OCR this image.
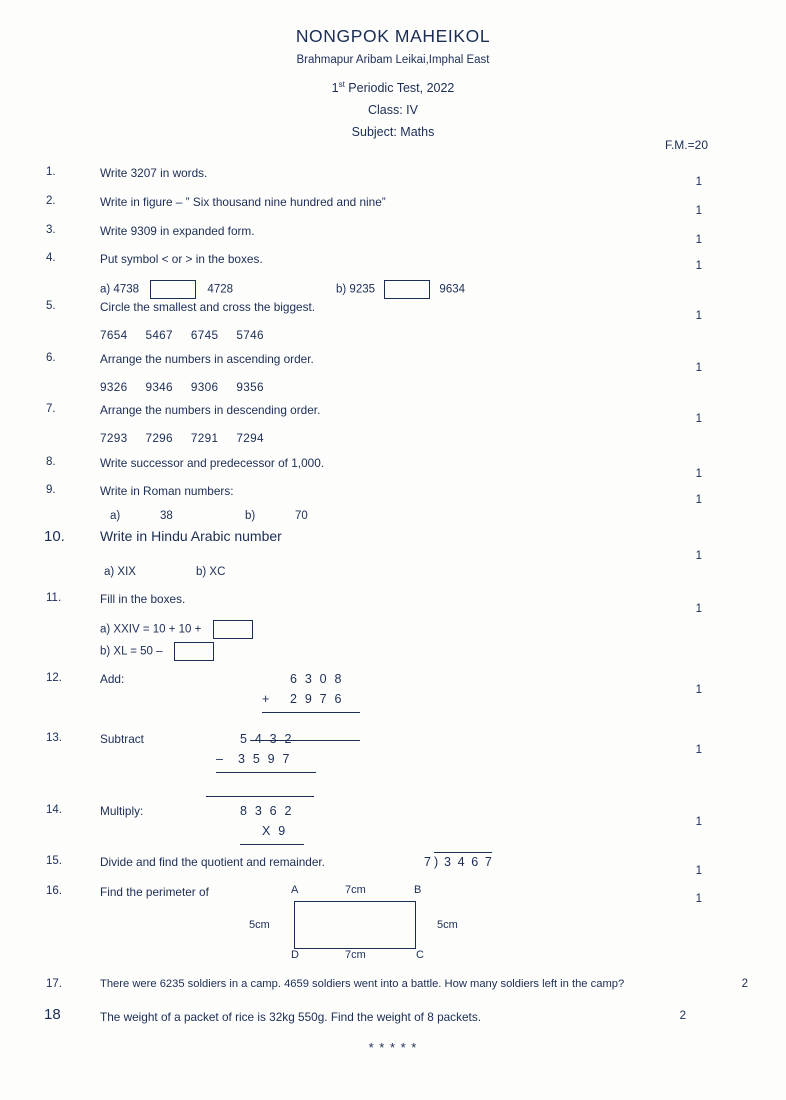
NONGPOK MAHEIKOL
Brahmapur Aribam Leikai,Imphal East
1st Periodic Test, 2022
Class: IV
Subject: Maths
F.M.=20
1.	Write 3207 in words.
1
2.	Write in figure – ” Six thousand nine hundred and nine”
1
3.	Write 9309 in expanded form.
1
4.	Put symbol < or > in the boxes.	1
a) 4738	4728	b) 9235	9634
5.	Circle the smallest and cross the biggest.
1
7654 5467 6745 5746
6.	Arrange the numbers in ascending order.
1
9326 9346 9306 9356
7.	Arrange the numbers in descending order.
1
7293 7296 7291 7294
8.	Write successor and predecessor of 1,000.
1
9.	Write in Roman numbers:
1
a)	38	b)	70
10.	Write in Hindu Arabic number
1
a) XIX	b) XC
11.	Fill in the boxes.
1
a) XXIV = 10 + 10 +
b) XL = 50 –
12.	Add:
1
6 3 0 8
+ 2 9 7 6
13.	Subtract
1
5 4 3 2
– 3 5 9 7
14.	Multiply:
1
8 3 6 2
X 9
15.	Divide and find the quotient and remainder.
1
7 ) 3 4 6 7
16.	Find the perimeter of	1
A	7cm	B
5cm	5cm
D	7cm	C
17.	There were 6235 soldiers in a camp. 4659 soldiers went into a battle. How many soldiers left in the camp?	2
18	The weight of a packet of rice is 32kg 550g. Find the weight of 8 packets.	2
* * * * *
